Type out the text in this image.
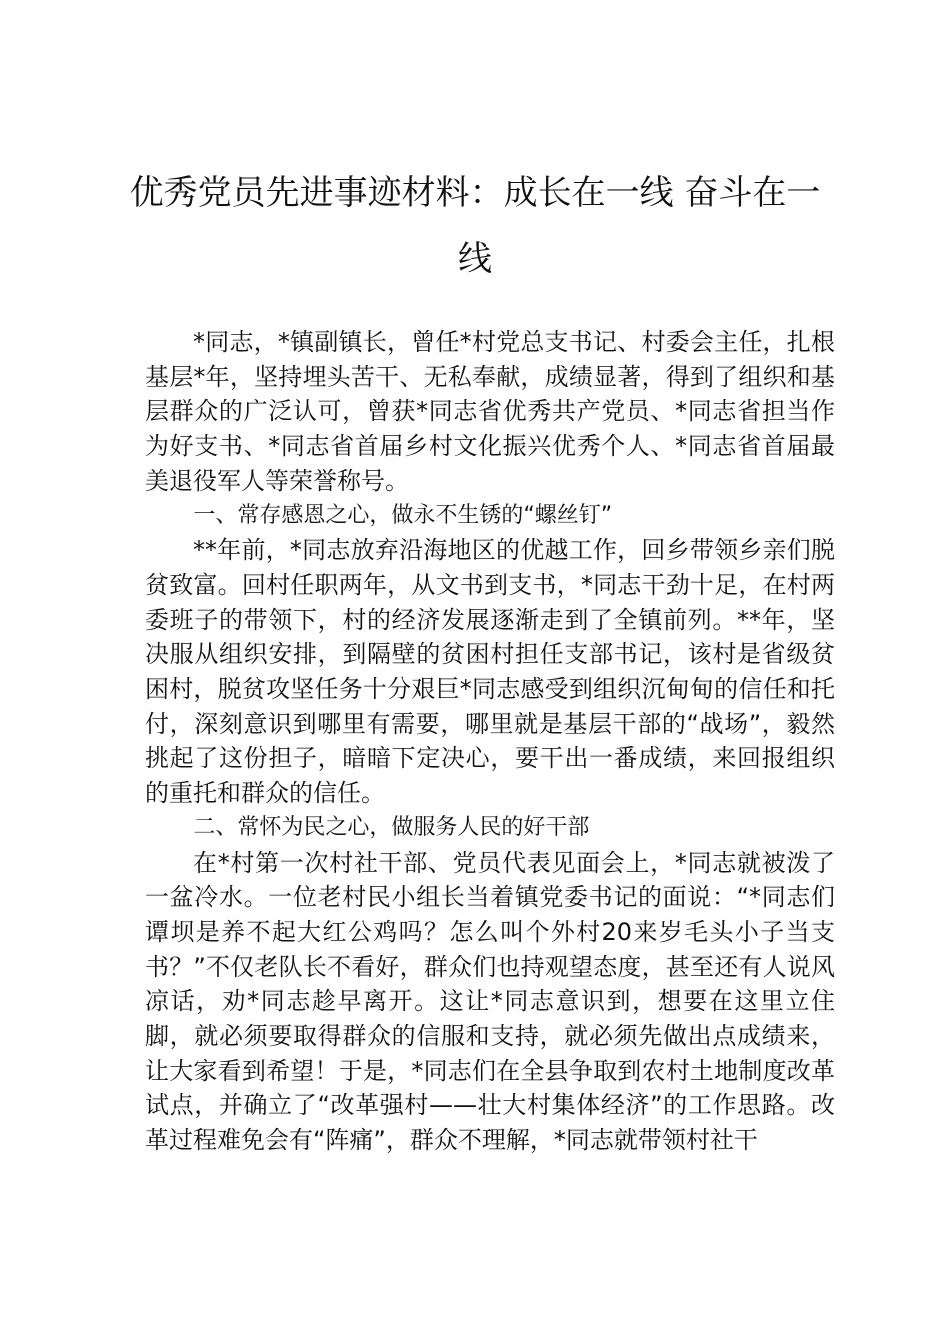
优秀党员先进事迹材料：成长在一线 奋斗在一线

*同志，*镇副镇长，曾任*村党总支书记、村委会主任，扎根基层*年，坚持埋头苦干、无私奉献，成绩显著，得到了组织和基层群众的广泛认可，曾获*同志省优秀共产党员、*同志省担当作为好支书、*同志省首届乡村文化振兴优秀个人、*同志省首届最美退役军人等荣誉称号。

一、常存感恩之心，做永不生锈的“螺丝钉”

**年前，*同志放弃沿海地区的优越工作，回乡带领乡亲们脱贫致富。回村任职两年，从文书到支书，*同志干劲十足，在村两委班子的带领下，村的经济发展逐渐走到了全镇前列。**年，坚决服从组织安排，到隔壁的贫困村担任支部书记，该村是省级贫困村，脱贫攻坚任务十分艰巨*同志感受到组织沉甸甸的信任和托付，深刻意识到哪里有需要，哪里就是基层干部的“战场”，毅然挑起了这份担子，暗暗下定决心，要干出一番成绩，来回报组织的重托和群众的信任。

二、常怀为民之心，做服务人民的好干部

在*村第一次村社干部、党员代表见面会上，*同志就被泼了一盆冷水。一位老村民小组长当着镇党委书记的面说：“*同志们谭坝是养不起大红公鸡吗？怎么叫个外村20来岁毛头小子当支书？”不仅老队长不看好，群众们也持观望态度，甚至还有人说风凉话，劝*同志趁早离开。这让*同志意识到，想要在这里立住脚，就必须要取得群众的信服和支持，就必须先做出点成绩来，让大家看到希望！于是，*同志们在全县争取到农村土地制度改革试点，并确立了“改革强村——壮大村集体经济”的工作思路。改革过程难免会有“阵痛”，群众不理解，*同志就带领村社干
